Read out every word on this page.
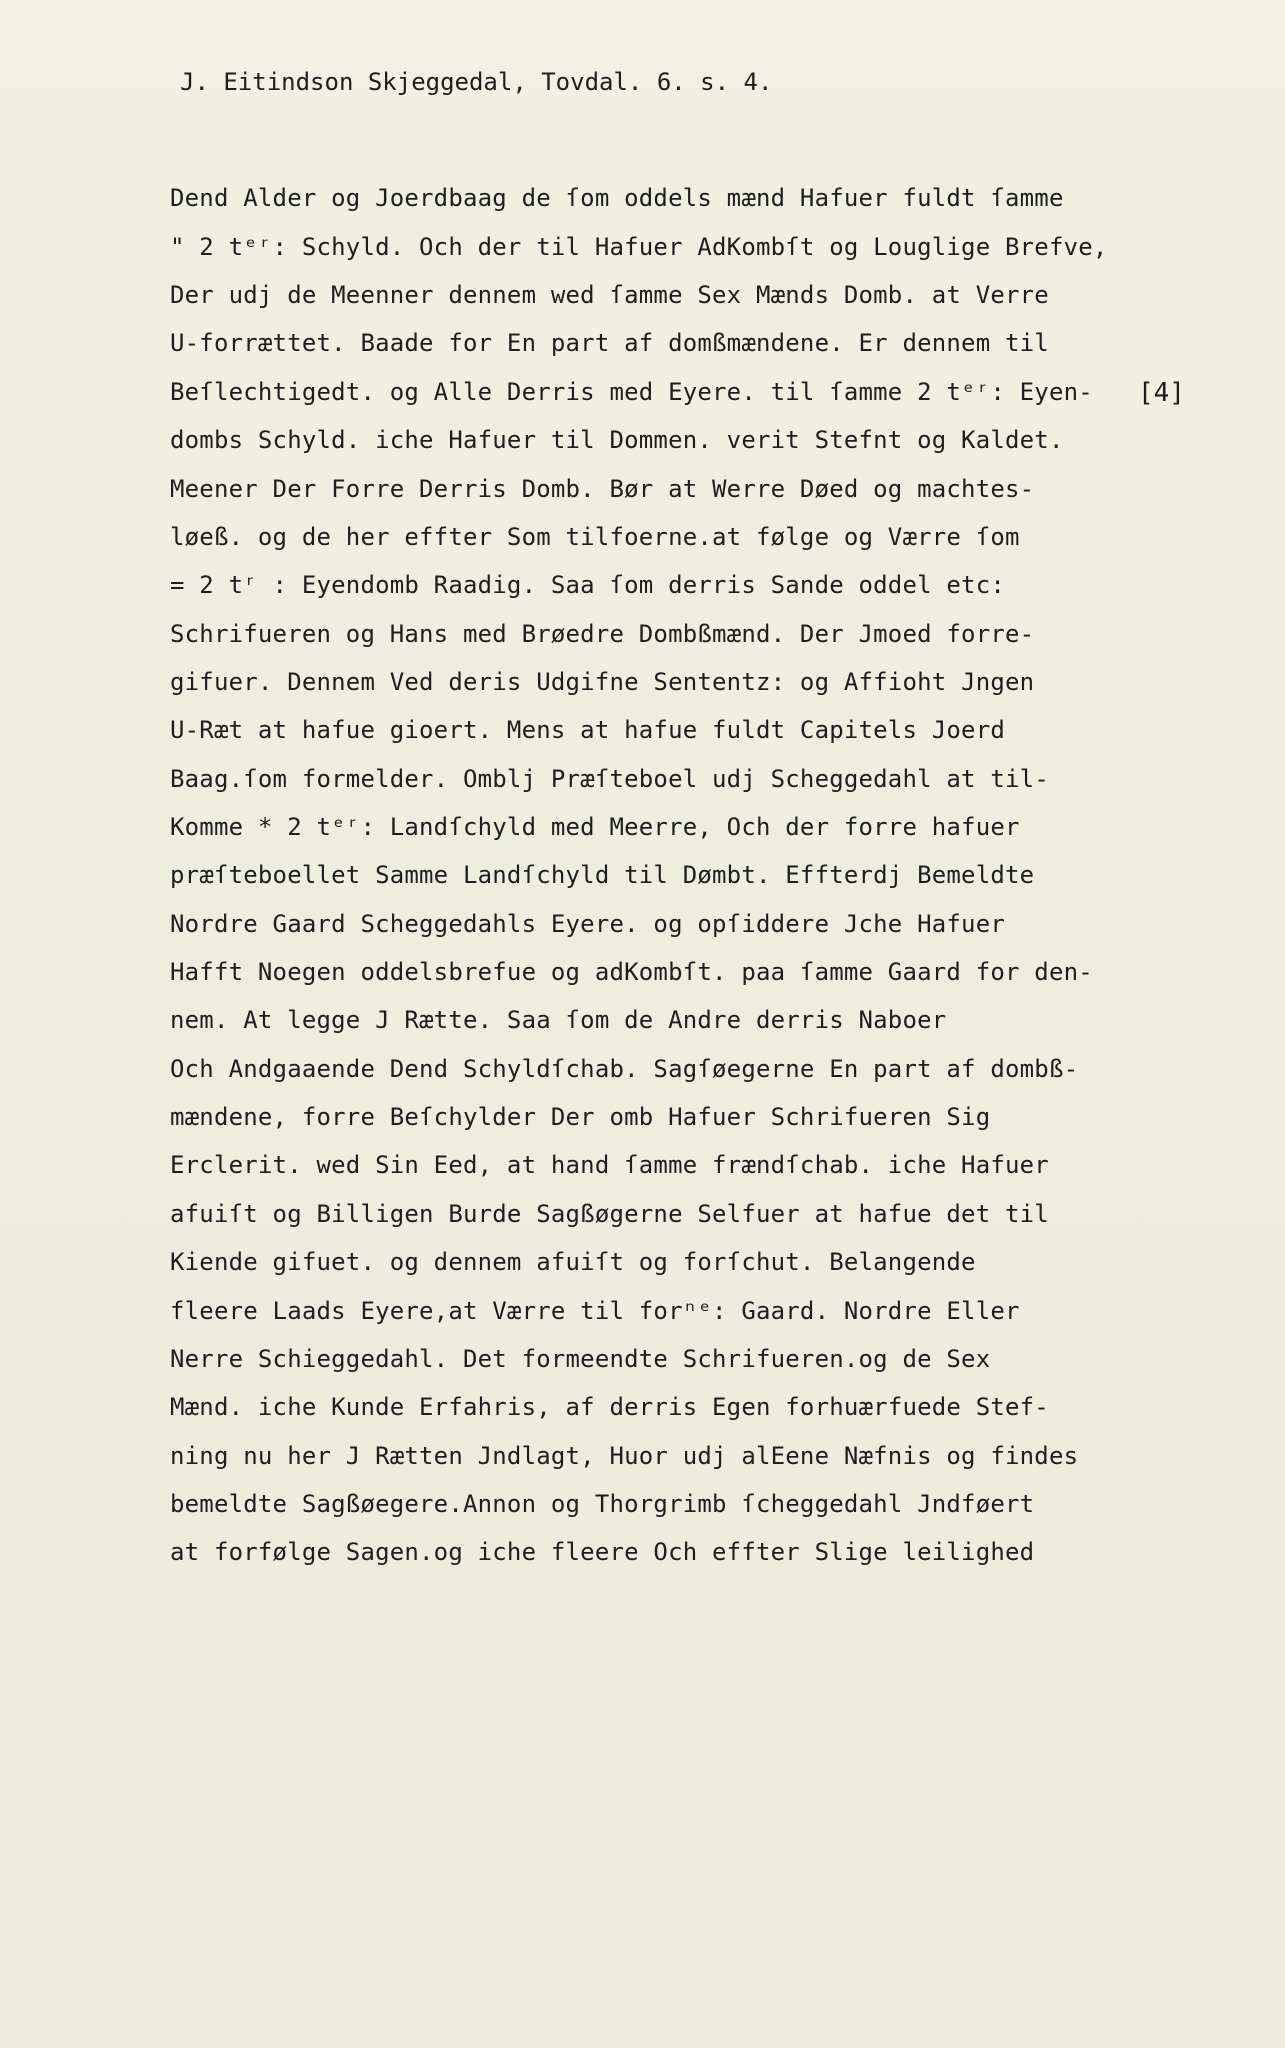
J. Eitindson Skjeggedal, Tovdal. 6. s. 4.
[4]
Dend Alder og Joerdbaag de ſom oddels mænd Hafuer fuldt ſamme
" 2 tᵉʳ: Schyld. Och der til Hafuer AdKombſt og Louglige Brefve,
Der udj de Meenner dennem wed ſamme Sex Mænds Domb. at Verre
U-forrættet. Baade for En part af domßmændene. Er dennem til
Beſlechtigedt. og Alle Derris med Eyere. til ſamme 2 tᵉʳ: Eyen-
dombs Schyld. iche Hafuer til Dommen. verit Stefnt og Kaldet.
Meener Der Forre Derris Domb. Bør at Werre Døed og machtes-
løeß. og de her effter Som tilfoerne.at følge og Værre ſom
= 2 tʳ : Eyendomb Raadig. Saa ſom derris Sande oddel etc:
Schrifueren og Hans med Brøedre Dombßmænd. Der Jmoed forre-
gifuer. Dennem Ved deris Udgifne Sententz: og Affioht Jngen
U-Ræt at hafue gioert. Mens at hafue fuldt Capitels Joerd
Baag.ſom formelder. Omblj Præſteboel udj Scheggedahl at til-
Komme * 2 tᵉʳ: Landſchyld med Meerre, Och der forre hafuer
præſteboellet Samme Landſchyld til Dømbt. Effterdj Bemeldte
Nordre Gaard Scheggedahls Eyere. og opſiddere Jche Hafuer
Hafft Noegen oddelsbrefue og adKombſt. paa ſamme Gaard for den-
nem. At legge J Rætte. Saa ſom de Andre derris Naboer
Och Andgaaende Dend Schyldſchab. Sagſøegerne En part af dombß-
mændene, forre Beſchylder Der omb Hafuer Schrifueren Sig
Erclerit. wed Sin Eed, at hand ſamme frændſchab. iche Hafuer
afuiſt og Billigen Burde Sagßøgerne Selfuer at hafue det til
Kiende gifuet. og dennem afuiſt og forſchut. Belangende
fleere Laads Eyere,at Værre til forⁿᵉ: Gaard. Nordre Eller
Nerre Schieggedahl. Det formeendte Schrifueren.og de Sex
Mænd. iche Kunde Erfahris, af derris Egen forhuærfuede Stef-
ning nu her J Rætten Jndlagt, Huor udj alEene Næfnis og findes
bemeldte Sagßøegere.Annon og Thorgrimb ſcheggedahl Jndføert
at forfølge Sagen.og iche fleere Och effter Slige leilighed
